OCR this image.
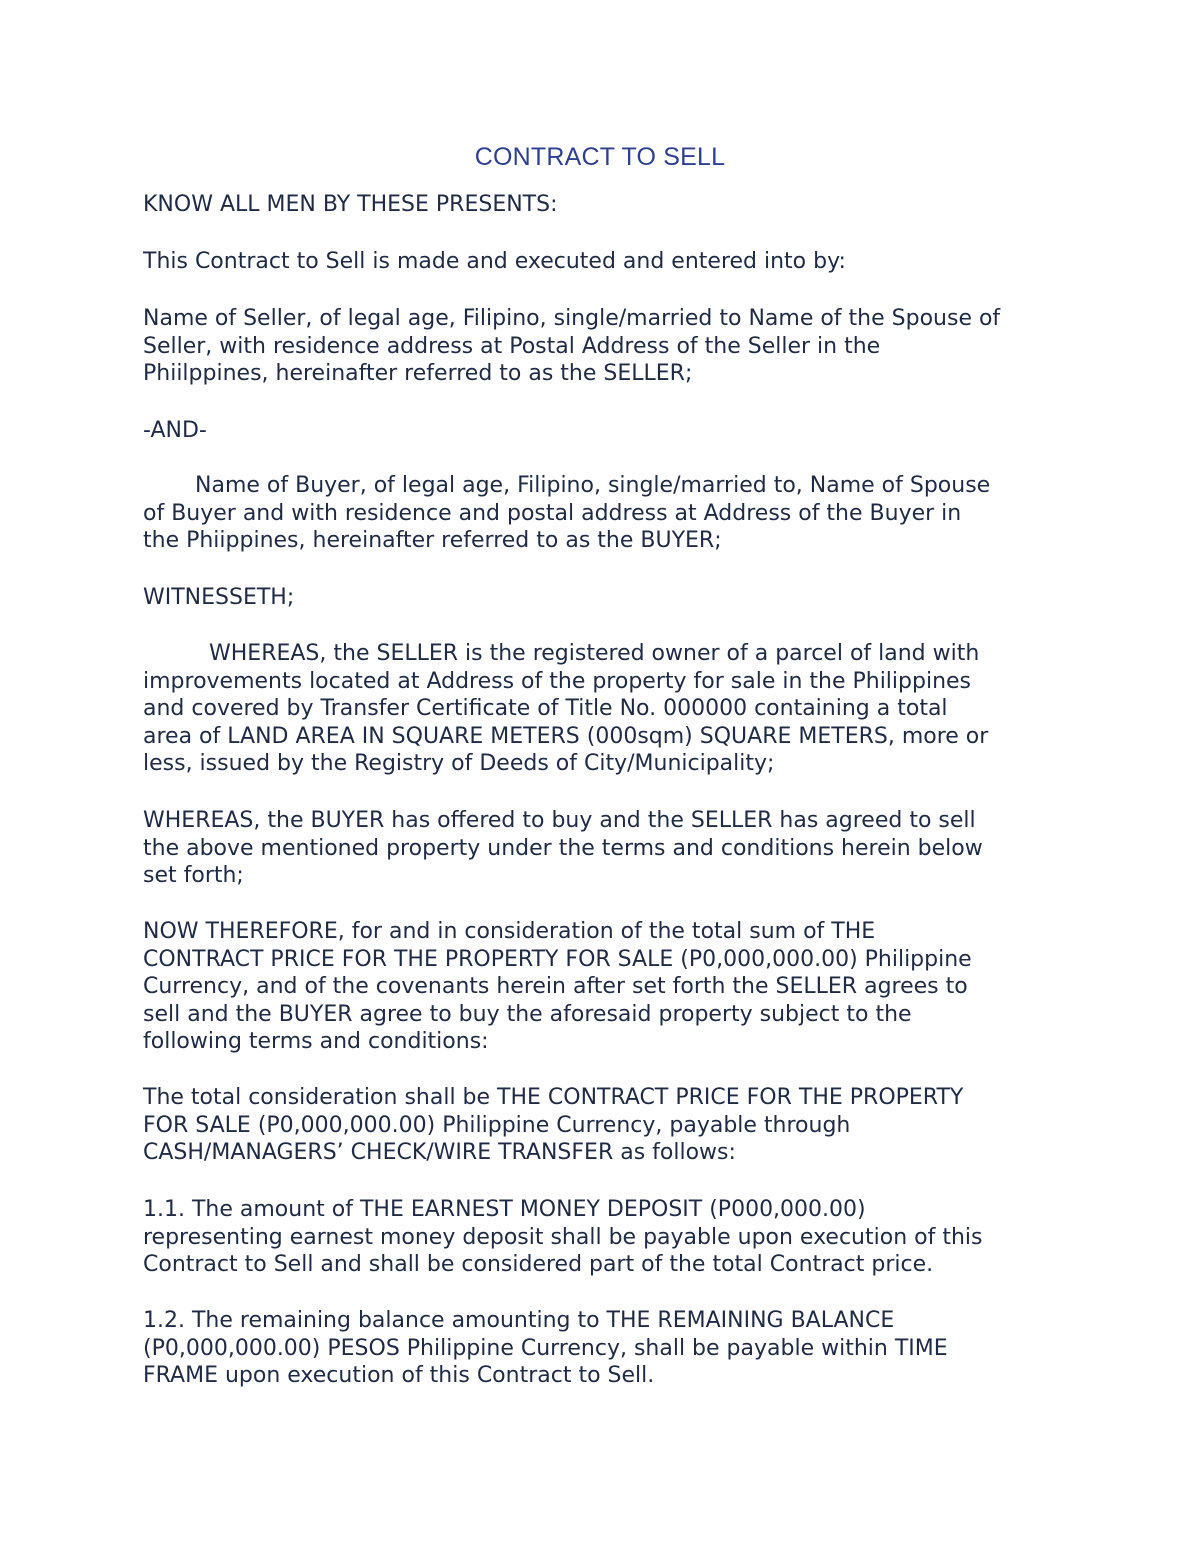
CONTRACT TO SELL

KNOW ALL MEN BY THESE PRESENTS:

This Contract to Sell is made and executed and entered into by:

Name of Seller, of legal age, Filipino, single/married to Name of the Spouse of
Seller, with residence address at Postal Address of the Seller in the
Phiilppines, hereinafter referred to as the SELLER;

-AND-

Name of Buyer, of legal age, Filipino, single/married to, Name of Spouse
of Buyer and with residence and postal address at Address of the Buyer in
the Phiippines, hereinafter referred to as the BUYER;

WITNESSETH;

WHEREAS, the SELLER is the registered owner of a parcel of land with
improvements located at Address of the property for sale in the Philippines
and covered by Transfer Certificate of Title No. 000000 containing a total
area of LAND AREA IN SQUARE METERS (000sqm) SQUARE METERS, more or
less, issued by the Registry of Deeds of City/Municipality;

WHEREAS, the BUYER has offered to buy and the SELLER has agreed to sell
the above mentioned property under the terms and conditions herein below
set forth;

NOW THEREFORE, for and in consideration of the total sum of THE
CONTRACT PRICE FOR THE PROPERTY FOR SALE (P0,000,000.00) Philippine
Currency, and of the covenants herein after set forth the SELLER agrees to
sell and the BUYER agree to buy the aforesaid property subject to the
following terms and conditions:

The total consideration shall be THE CONTRACT PRICE FOR THE PROPERTY
FOR SALE (P0,000,000.00) Philippine Currency, payable through
CASH/MANAGERS’ CHECK/WIRE TRANSFER as follows:

1.1. The amount of THE EARNEST MONEY DEPOSIT (P000,000.00)
representing earnest money deposit shall be payable upon execution of this
Contract to Sell and shall be considered part of the total Contract price.

1.2. The remaining balance amounting to THE REMAINING BALANCE
(P0,000,000.00) PESOS Philippine Currency, shall be payable within TIME
FRAME upon execution of this Contract to Sell.
